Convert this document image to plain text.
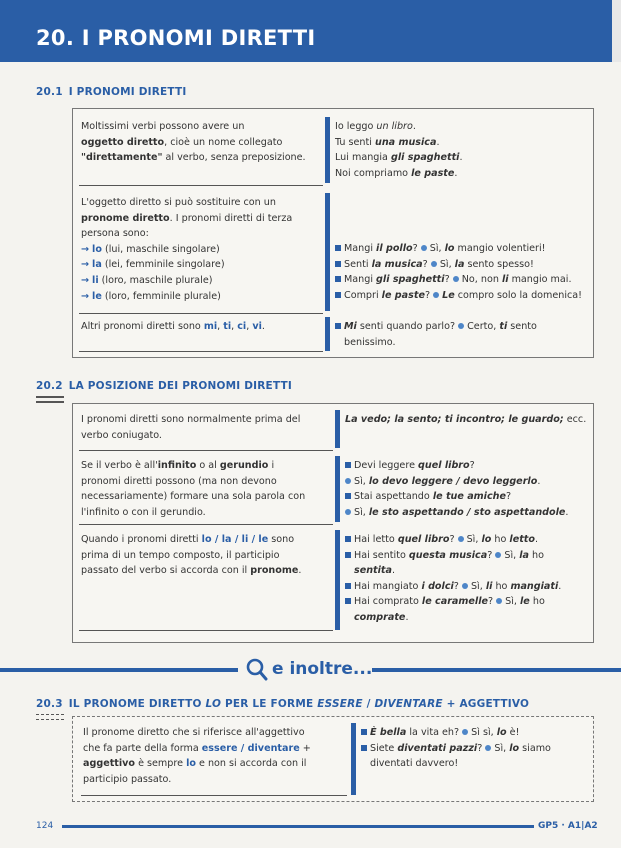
20. I PRONOMI DIRETTI
20.1 I PRONOMI DIRETTI
Moltissimi verbi possono avere un
oggetto diretto, cioè un nome collegato
"direttamente" al verbo, senza preposizione.
Io leggo un libro.
Tu senti una musica.
Lui mangia gli spaghetti.
Noi compriamo le paste.
L'oggetto diretto si può sostituire con un
pronome diretto. I pronomi diretti di terza
persona sono:
→ lo (lui, maschile singolare)
→ la (lei, femminile singolare)
→ li (loro, maschile plurale)
→ le (loro, femminile plurale)
Mangi il pollo? Sì, lo mangio volentieri!
Senti la musica? Sì, la sento spesso!
Mangi gli spaghetti? No, non li mangio mai.
Compri le paste? Le compro solo la domenica!
Altri pronomi diretti sono mi, ti, ci, vi.	Mi senti quando parlo? Certo, ti sento
benissimo.
20.2 LA POSIZIONE DEI PRONOMI DIRETTI
I pronomi diretti sono normalmente prima del
verbo coniugato.
La vedo; la sento; ti incontro; le guardo; ecc.
Se il verbo è all'infinito o al gerundio i
pronomi diretti possono (ma non devono
necessariamente) formare una sola parola con
l'infinito o con il gerundio.
Devi leggere quel libro?
Sì, lo devo leggere / devo leggerlo.
Stai aspettando le tue amiche?
Sì, le sto aspettando / sto aspettandole.
Quando i pronomi diretti lo / la / li / le sono
prima di un tempo composto, il participio
passato del verbo si accorda con il pronome.
Hai letto quel libro? Sì, lo ho letto.
Hai sentito questa musica? Sì, la ho
sentita.
Hai mangiato i dolci? Sì, li ho mangiati.
Hai comprato le caramelle? Sì, le ho
comprate.
e inoltre...
20.3 IL PRONOME DIRETTO LO PER LE FORME ESSERE / DIVENTARE + AGGETTIVO
Il pronome diretto che si riferisce all'aggettivo
che fa parte della forma essere / diventare +
aggettivo è sempre lo e non si accorda con il
participio passato.
È bella la vita eh? Sì sì, lo è!
Siete diventati pazzi? Sì, lo siamo
diventati davvero!
124	GP5 · A1|A2
